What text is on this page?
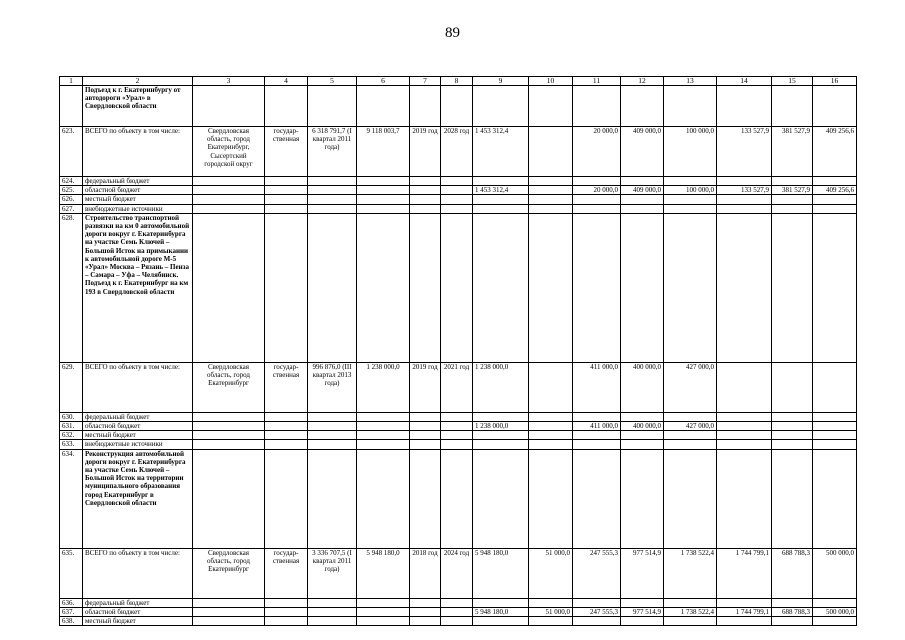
89
1	2	3	4	5	6	7	8	9	10	11	12	13	14	15	16
	Подъезд к г. Екатеринбургу от автодороги «Урал» в Свердловской области														
623.	ВСЕГО по объекту в том числе:	Свердловская область, город Екатеринбург, Сысертский городской округ	государ-ственная	6 318 791,7 (I квартал 2011 года)	9 118 003,7	2019 год	2028 год	1 453 312,4		20 000,0	409 000,0	100 000,0	133 527,9	381 527,9	409 256,6
624.	федеральный бюджет														
625.	областной бюджет							1 453 312,4		20 000,0	409 000,0	100 000,0	133 527,9	381 527,9	409 256,6
626.	местный бюджет														
627.	внебюджетные источники														
628.	Строительство транспортной развязки на км 0 автомобильной дороги вокруг г. Екатеринбурга на участке Семь Ключей – Большой Исток на примыкании к автомобильной дороге М-5 «Урал» Москва – Рязань – Пенза – Самара – Уфа – Челябинск. Подъезд к г. Екатеринбург на км 193 в Свердловской области														
629.	ВСЕГО по объекту в том числе:	Свердловская область, город Екатеринбург	государ-ственная	996 876,0 (III квартал 2013 года)	1 238 000,0	2019 год	2021 год	1 238 000,0		411 000,0	400 000,0	427 000,0			
630.	федеральный бюджет														
631.	областной бюджет							1 238 000,0		411 000,0	400 000,0	427 000,0			
632.	местный бюджет														
633.	внебюджетные источники														
634.	Реконструкция автомобильной дороги вокруг г. Екатеринбурга на участке Семь Ключей – Большой Исток на территории муниципального образования город Екатеринбург в Свердловской области														
635.	ВСЕГО по объекту в том числе:	Свердловская область, город Екатеринбург	государ-ственная	3 336 707,5 (I квартал 2011 года)	5 948 180,0	2018 год	2024 год	5 948 180,0	51 000,0	247 555,3	977 514,9	1 738 522,4	1 744 799,1	688 788,3	500 000,0
636.	федеральный бюджет														
637.	областной бюджет							5 948 180,0	51 000,0	247 555,3	977 514,9	1 738 522,4	1 744 799,1	688 788,3	500 000,0
638.	местный бюджет														
